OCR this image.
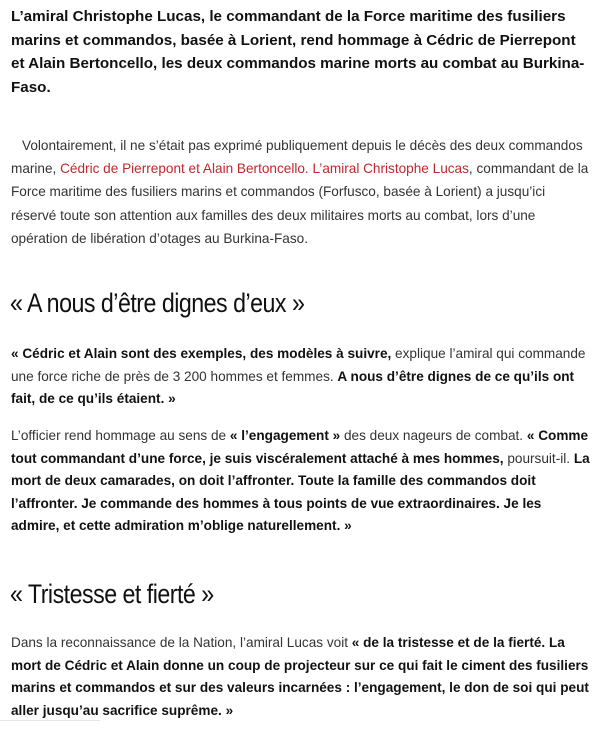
L’amiral Christophe Lucas, le commandant de la Force maritime des fusiliers marins et commandos, basée à Lorient, rend hommage à Cédric de Pierrepont et Alain Bertoncello, les deux commandos marine morts au combat au Burkina-Faso.

Volontairement, il ne s’était pas exprimé publiquement depuis le décès des deux commandos marine, Cédric de Pierrepont et Alain Bertoncello. L’amiral Christophe Lucas, commandant de la Force maritime des fusiliers marins et commandos (Forfusco, basée à Lorient) a jusqu’ici réservé toute son attention aux familles des deux militaires morts au combat, lors d’une opération de libération d’otages au Burkina-Faso.

« A nous d’être dignes d’eux »

« Cédric et Alain sont des exemples, des modèles à suivre, explique l’amiral qui commande une force riche de près de 3 200 hommes et femmes. A nous d’être dignes de ce qu’ils ont fait, de ce qu’ils étaient. »

L’officier rend hommage au sens de « l’engagement » des deux nageurs de combat. « Comme tout commandant d’une force, je suis viscéralement attaché à mes hommes, poursuit-il. La mort de deux camarades, on doit l’affronter. Toute la famille des commandos doit l’affronter. Je commande des hommes à tous points de vue extraordinaires. Je les admire, et cette admiration m’oblige naturellement. »

« Tristesse et fierté »

Dans la reconnaissance de la Nation, l’amiral Lucas voit « de la tristesse et de la fierté. La mort de Cédric et Alain donne un coup de projecteur sur ce qui fait le ciment des fusiliers marins et commandos et sur des valeurs incarnées : l’engagement, le don de soi qui peut aller jusqu’au sacrifice suprême. »
